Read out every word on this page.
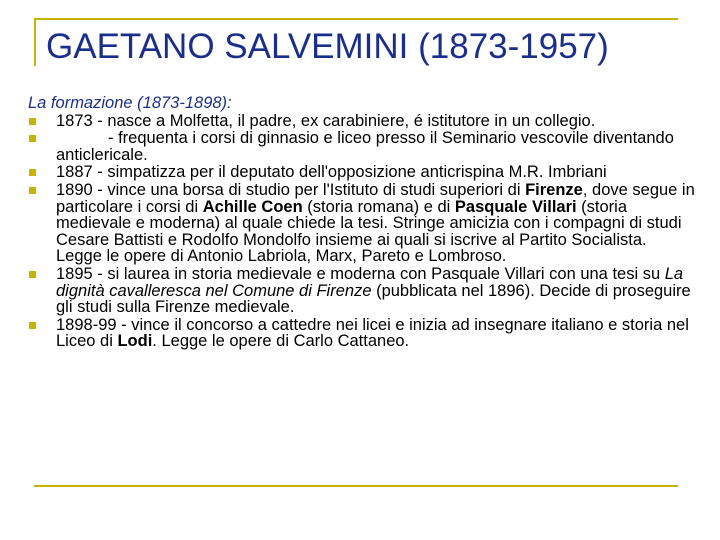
GAETANO SALVEMINI (1873-1957)
La formazione (1873-1898):
1873 - nasce a Molfetta, il padre, ex carabiniere, é istitutore in un collegio.
- frequenta i corsi di ginnasio e liceo presso il Seminario vescovile diventando anticlericale.
1887 - simpatizza per il deputato dell'opposizione anticrispina M.R. Imbriani
1890 - vince una borsa di studio per l'Istituto di studi superiori di Firenze, dove segue in particolare i corsi di Achille Coen (storia romana) e di Pasquale Villari (storia medievale e moderna) al quale chiede la tesi. Stringe amicizia con i compagni di studi Cesare Battisti e Rodolfo Mondolfo insieme ai quali si iscrive al Partito Socialista. Legge le opere di Antonio Labriola, Marx, Pareto e Lombroso.
1895 - si laurea in storia medievale e moderna con Pasquale Villari con una tesi su La dignità cavalleresca nel Comune di Firenze (pubblicata nel 1896). Decide di proseguire gli studi sulla Firenze medievale.
1898-99 - vince il concorso a cattedre nei licei e inizia ad insegnare italiano e storia nel Liceo di Lodi. Legge le opere di Carlo Cattaneo.
